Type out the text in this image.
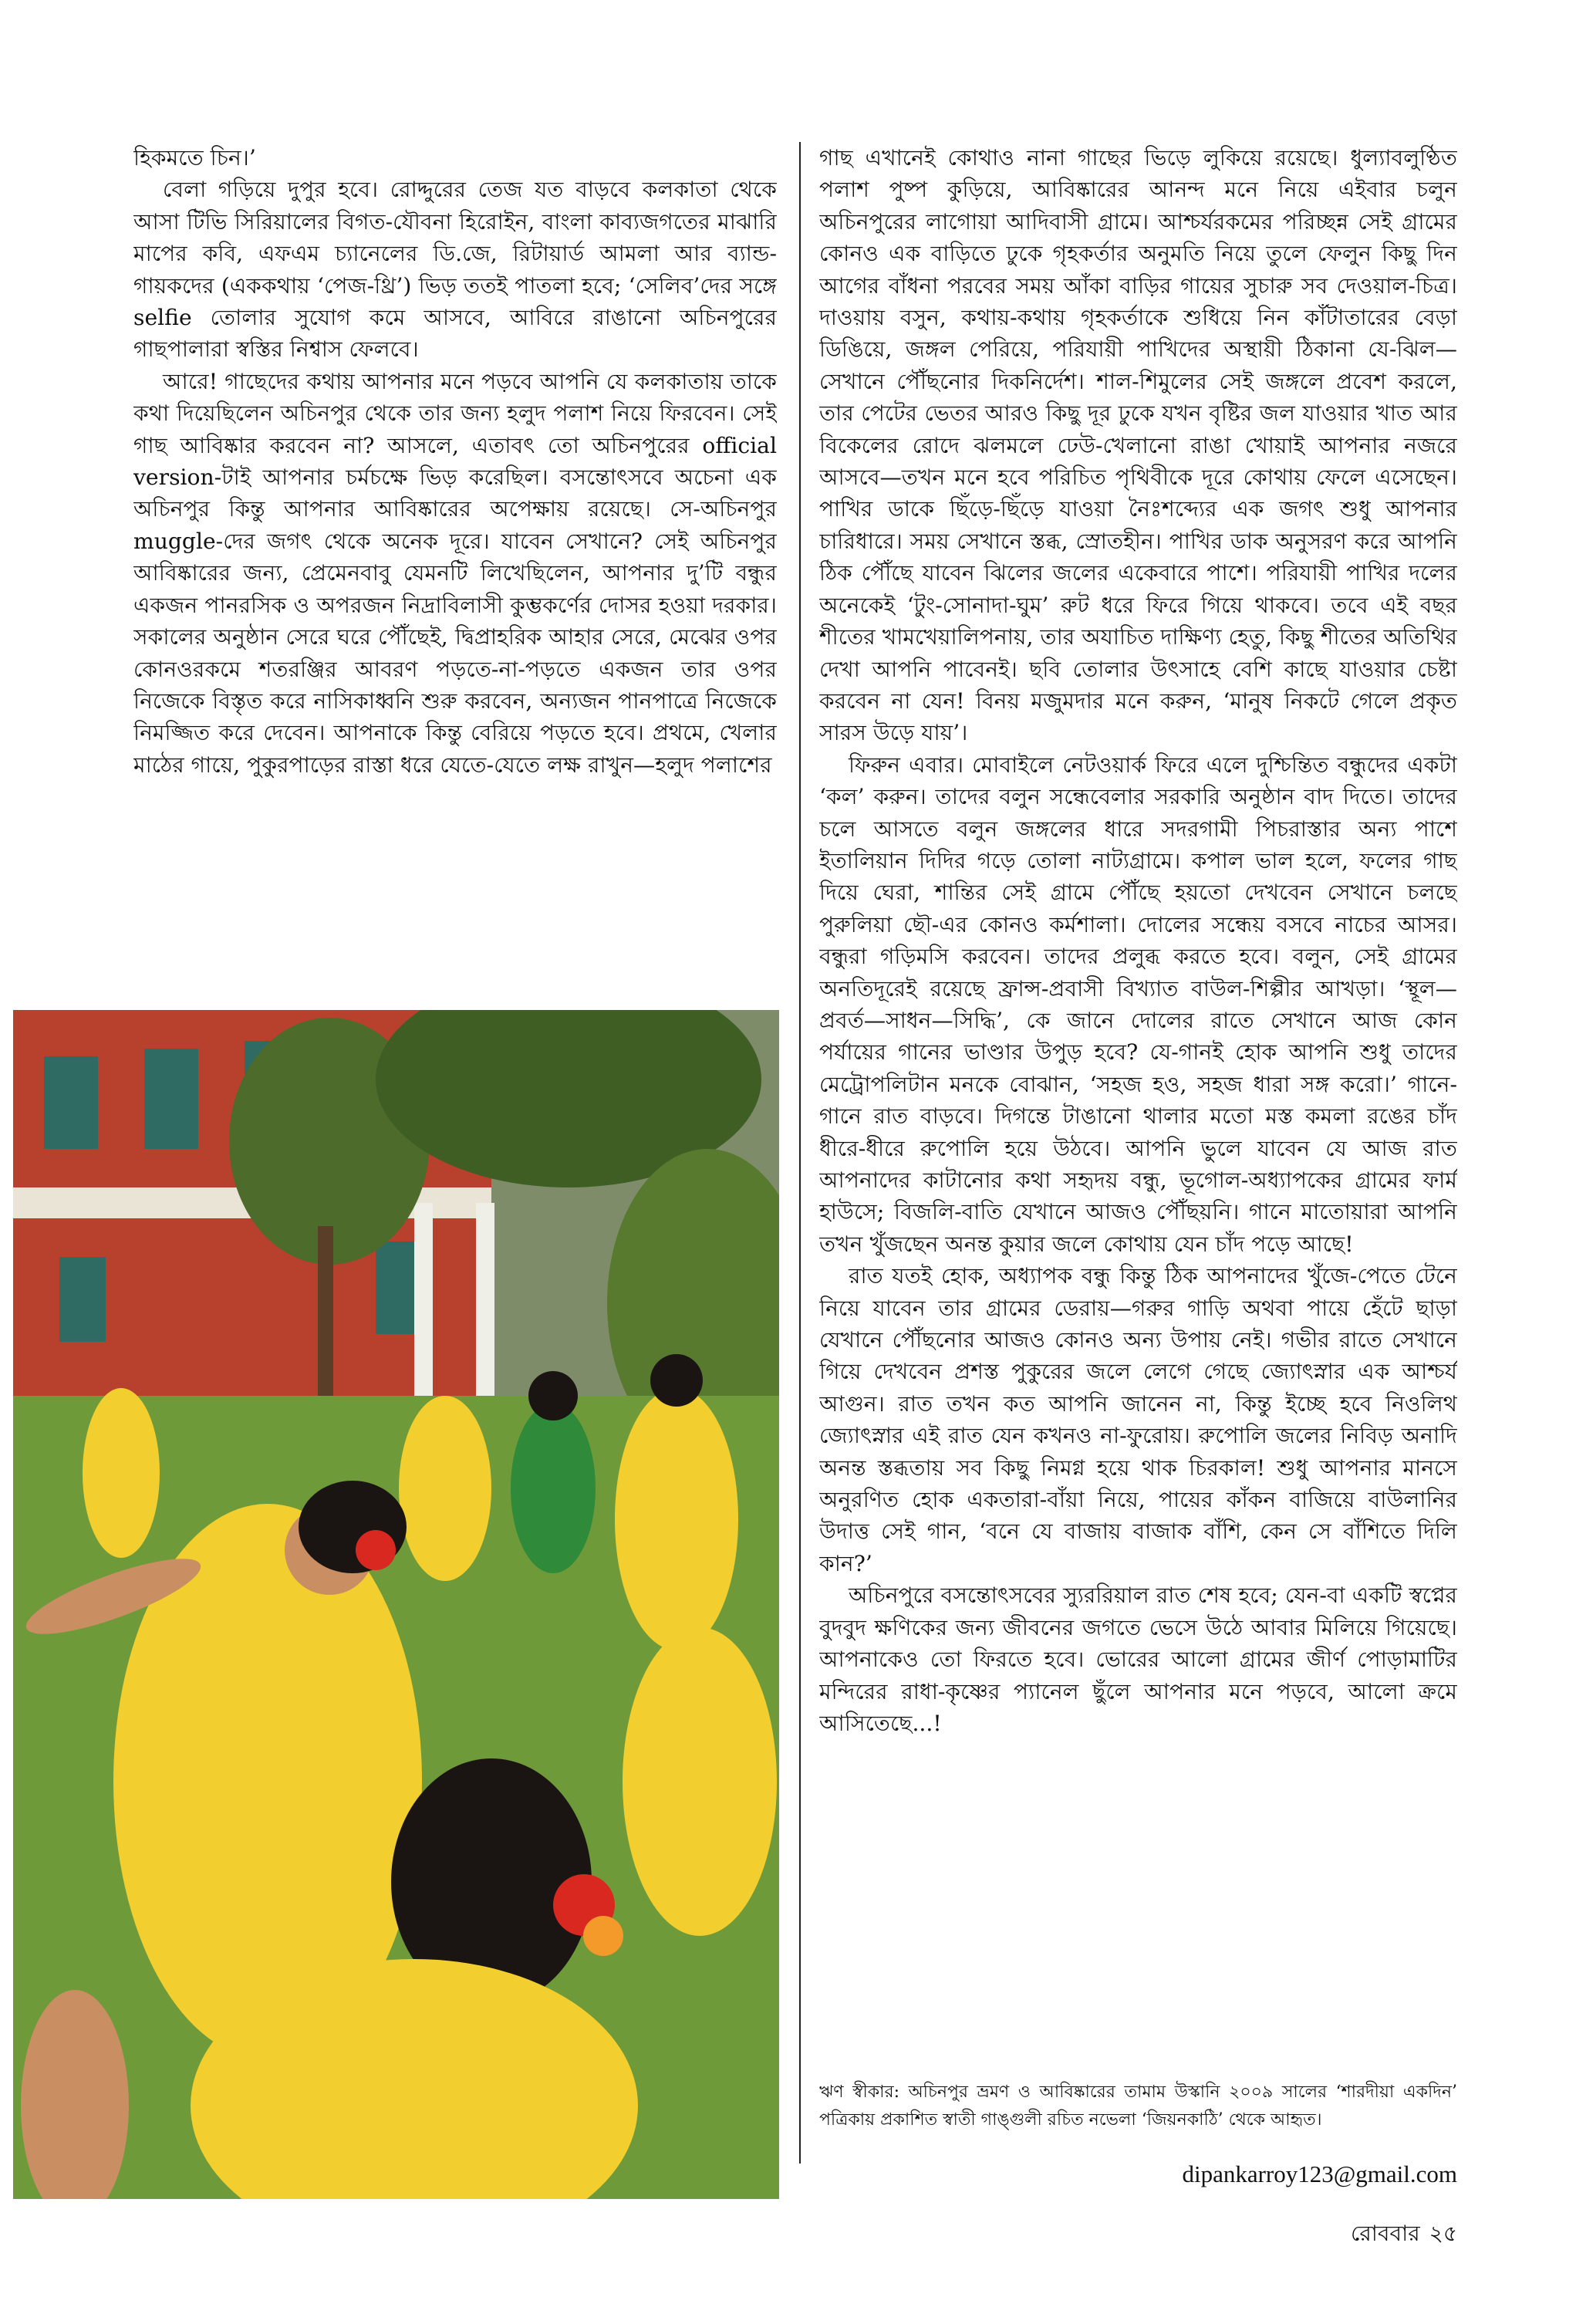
হিকমতে চিন।’

বেলা গড়িয়ে দুপুর হবে। রোদ্দুরের তেজ যত বাড়বে কলকাতা থেকে আসা টিভি সিরিয়ালের বিগত-যৌবনা হিরোইন, বাংলা কাব্যজগতের মাঝারি মাপের কবি, এফএম চ্যানেলের ডি.জে, রিটায়ার্ড আমলা আর ব্যান্ড-গায়কদের (এককথায় ‘পেজ-থ্রি’) ভিড় ততই পাতলা হবে; ‘সেলিব’দের সঙ্গে selfie তোলার সুযোগ কমে আসবে, আবিরে রাঙানো অচিনপুরের গাছপালারা স্বস্তির নিশ্বাস ফেলবে।

আরে! গাছেদের কথায় আপনার মনে পড়বে আপনি যে কলকাতায় তাকে কথা দিয়েছিলেন অচিনপুর থেকে তার জন্য হলুদ পলাশ নিয়ে ফিরবেন। সেই গাছ আবিষ্কার করবেন না? আসলে, এতাবৎ তো অচিনপুরের official version-টাই আপনার চর্মচক্ষে ভিড় করেছিল। বসন্তোৎসবে অচেনা এক অচিনপুর কিন্তু আপনার আবিষ্কারের অপেক্ষায় রয়েছে। সে-অচিনপুর muggle-দের জগৎ থেকে অনেক দূরে। যাবেন সেখানে? সেই অচিনপুর আবিষ্কারের জন্য, প্রেমেনবাবু যেমনটি লিখেছিলেন, আপনার দু’টি বন্ধুর একজন পানরসিক ও অপরজন নিদ্রাবিলাসী কুম্ভকর্ণের দোসর হওয়া দরকার। সকালের অনুষ্ঠান সেরে ঘরে পৌঁছেই, দ্বিপ্রাহরিক আহার সেরে, মেঝের ওপর কোনওরকমে শতরঞ্জির আবরণ পড়তে-না-পড়তে একজন তার ওপর নিজেকে বিস্তৃত করে নাসিকাধ্বনি শুরু করবেন, অন্যজন পানপাত্রে নিজেকে নিমজ্জিত করে দেবেন। আপনাকে কিন্তু বেরিয়ে পড়তে হবে। প্রথমে, খেলার মাঠের গায়ে, পুকুরপাড়ের রাস্তা ধরে যেতে-যেতে লক্ষ রাখুন—হলুদ পলাশের

গাছ এখানেই কোথাও নানা গাছের ভিড়ে লুকিয়ে রয়েছে। ধুল্যাবলুণ্ঠিত পলাশ পুষ্প কুড়িয়ে, আবিষ্কারের আনন্দ মনে নিয়ে এইবার চলুন অচিনপুরের লাগোয়া আদিবাসী গ্রামে। আশ্চর্যরকমের পরিচ্ছন্ন সেই গ্রামের কোনও এক বাড়িতে ঢুকে গৃহকর্তার অনুমতি নিয়ে তুলে ফেলুন কিছু দিন আগের বাঁধনা পরবের সময় আঁকা বাড়ির গায়ের সুচারু সব দেওয়াল-চিত্র। দাওয়ায় বসুন, কথায়-কথায় গৃহকর্তাকে শুধিয়ে নিন কাঁটাতারের বেড়া ডিঙিয়ে, জঙ্গল পেরিয়ে, পরিযায়ী পাখিদের অস্থায়ী ঠিকানা যে-ঝিল—সেখানে পৌঁছনোর দিকনির্দেশ। শাল-শিমুলের সেই জঙ্গলে প্রবেশ করলে, তার পেটের ভেতর আরও কিছু দূর ঢুকে যখন বৃষ্টির জল যাওয়ার খাত আর বিকেলের রোদে ঝলমলে ঢেউ-খেলানো রাঙা খোয়াই আপনার নজরে আসবে—তখন মনে হবে পরিচিত পৃথিবীকে দূরে কোথায় ফেলে এসেছেন। পাখির ডাকে ছিঁড়ে-ছিঁড়ে যাওয়া নৈঃশব্দ্যের এক জগৎ শুধু আপনার চারিধারে। সময় সেখানে স্তব্ধ, স্রোতহীন। পাখির ডাক অনুসরণ করে আপনি ঠিক পৌঁছে যাবেন ঝিলের জলের একেবারে পাশে। পরিযায়ী পাখির দলের অনেকেই ‘টুং-সোনাদা-ঘুম’ রুট ধরে ফিরে গিয়ে থাকবে। তবে এই বছর শীতের খামখেয়ালিপনায়, তার অযাচিত দাক্ষিণ্য হেতু, কিছু শীতের অতিথির দেখা আপনি পাবেনই। ছবি তোলার উৎসাহে বেশি কাছে যাওয়ার চেষ্টা করবেন না যেন! বিনয় মজুমদার মনে করুন, ‘মানুষ নিকটে গেলে প্রকৃত সারস উড়ে যায়’।

ফিরুন এবার। মোবাইলে নেটওয়ার্ক ফিরে এলে দুশ্চিন্তিত বন্ধুদের একটা ‘কল’ করুন। তাদের বলুন সন্ধেবেলার সরকারি অনুষ্ঠান বাদ দিতে। তাদের চলে আসতে বলুন জঙ্গলের ধারে সদরগামী পিচরাস্তার অন্য পাশে ইতালিয়ান দিদির গড়ে তোলা নাট্যগ্রামে। কপাল ভাল হলে, ফলের গাছ দিয়ে ঘেরা, শান্তির সেই গ্রামে পৌঁছে হয়তো দেখবেন সেখানে চলছে পুরুলিয়া ছৌ-এর কোনও কর্মশালা। দোলের সন্ধেয় বসবে নাচের আসর। বন্ধুরা গড়িমসি করবেন। তাদের প্রলুব্ধ করতে হবে। বলুন, সেই গ্রামের অনতিদূরেই রয়েছে ফ্রান্স-প্রবাসী বিখ্যাত বাউল-শিল্পীর আখড়া। ‘স্থূল—প্রবর্ত—সাধন—সিদ্ধি’, কে জানে দোলের রাতে সেখানে আজ কোন পর্যায়ের গানের ভাণ্ডার উপুড় হবে? যে-গানই হোক আপনি শুধু তাদের মেট্রোপলিটান মনকে বোঝান, ‘সহজ হও, সহজ ধারা সঙ্গ করো।’ গানে-গানে রাত বাড়বে। দিগন্তে টাঙানো থালার মতো মস্ত কমলা রঙের চাঁদ ধীরে-ধীরে রুপোলি হয়ে উঠবে। আপনি ভুলে যাবেন যে আজ রাত আপনাদের কাটানোর কথা সহৃদয় বন্ধু, ভূগোল-অধ্যাপকের গ্রামের ফার্ম হাউসে; বিজলি-বাতি যেখানে আজও পৌঁছয়নি। গানে মাতোয়ারা আপনি তখন খুঁজছেন অনন্ত কুয়ার জলে কোথায় যেন চাঁদ পড়ে আছে!

রাত যতই হোক, অধ্যাপক বন্ধু কিন্তু ঠিক আপনাদের খুঁজে-পেতে টেনে নিয়ে যাবেন তার গ্রামের ডেরায়—গরুর গাড়ি অথবা পায়ে হেঁটে ছাড়া যেখানে পৌঁছনোর আজও কোনও অন্য উপায় নেই। গভীর রাতে সেখানে গিয়ে দেখবেন প্রশস্ত পুকুরের জলে লেগে গেছে জ্যোৎস্নার এক আশ্চর্য আগুন। রাত তখন কত আপনি জানেন না, কিন্তু ইচ্ছে হবে নিওলিথ জ্যোৎস্নার এই রাত যেন কখনও না-ফুরোয়। রুপোলি জলের নিবিড় অনাদি অনন্ত স্তব্ধতায় সব কিছু নিমগ্ন হয়ে থাক চিরকাল! শুধু আপনার মানসে অনুরণিত হোক একতারা-বাঁয়া নিয়ে, পায়ের কাঁকন বাজিয়ে বাউলানির উদাত্ত সেই গান, ‘বনে যে বাজায় বাজাক বাঁশি, কেন সে বাঁশিতে দিলি কান?’

অচিনপুরে বসন্তোৎসবের স্যুররিয়াল রাত শেষ হবে; যেন-বা একটি স্বপ্নের বুদবুদ ক্ষণিকের জন্য জীবনের জগতে ভেসে উঠে আবার মিলিয়ে গিয়েছে। আপনাকেও তো ফিরতে হবে। ভোরের আলো গ্রামের জীর্ণ পোড়ামাটির মন্দিরের রাধা-কৃষ্ণের প্যানেল ছুঁলে আপনার মনে পড়বে, আলো ক্রমে আসিতেছে...!

ঋণ স্বীকার: অচিনপুর ভ্রমণ ও আবিষ্কারের তামাম উস্কানি ২০০৯ সালের ‘শারদীয়া একদিন’ পত্রিকায় প্রকাশিত স্বাতী গাঙ্গুলী রচিত নভেলা ‘জিয়নকাঠি’ থেকে আহৃত।
dipankarroy123@gmail.com
রোববার ২৫
